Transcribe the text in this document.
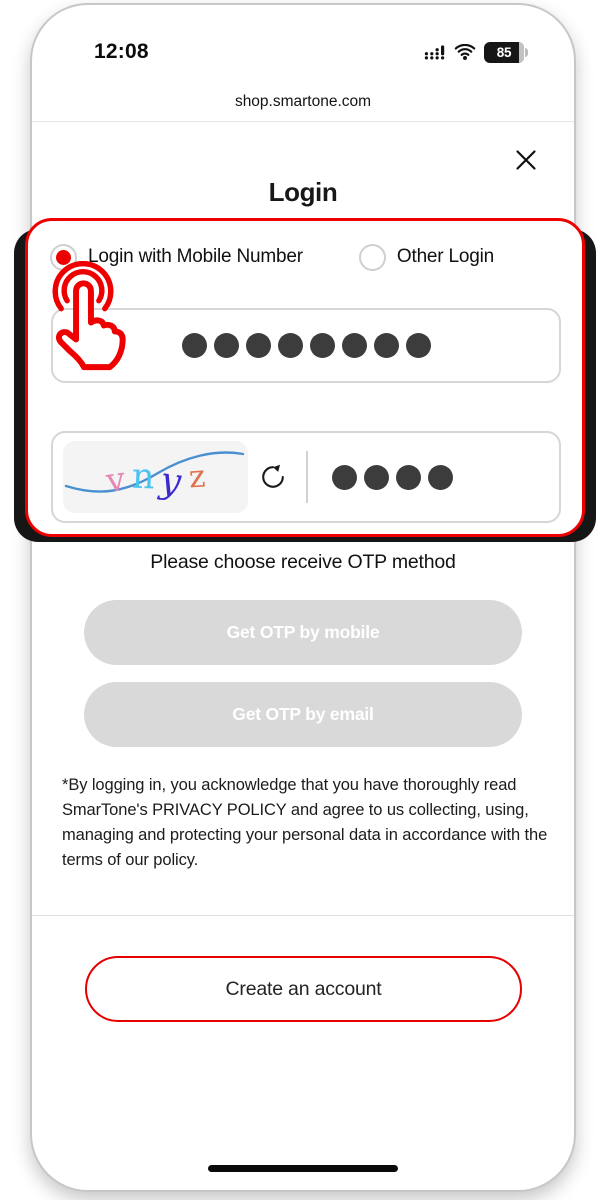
12:08	85
shop.smartone.com
Login
Please choose receive OTP method
Get OTP by mobile
Get OTP by email

*By logging in, you acknowledge that you have thoroughly read SmarTone's PRIVACY POLICY and agree to us collecting, using, managing and protecting your personal data in accordance with the terms of our policy.

Create an account
Login with Mobile Number	Other Login
v n y z
